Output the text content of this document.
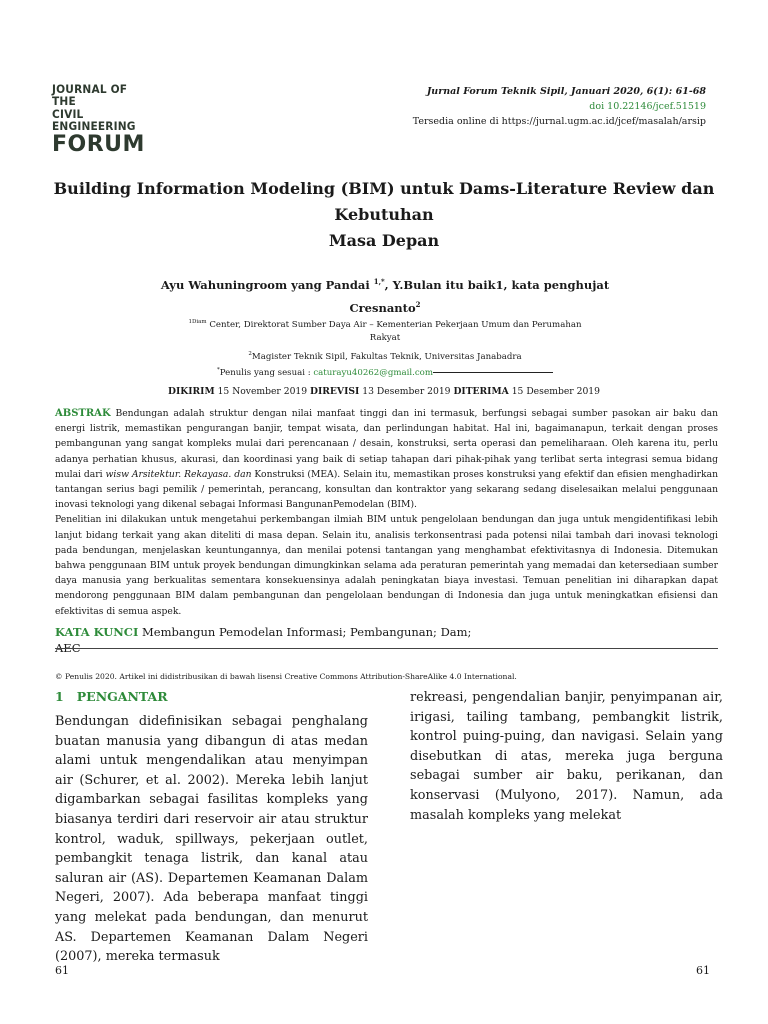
JOURNAL OF THE
CIVIL ENGINEERING
FORUM
Jurnal Forum Teknik Sipil, Januari 2020, 6(1): 61-68
doi 10.22146/jcef.51519
Tersedia online di https://jurnal.ugm.ac.id/jcef/masalah/arsip
Building Information Modeling (BIM) untuk Dams-Literature Review dan
Kebutuhan
Masa Depan
Ayu Wahuningroom yang Pandai $^{1,*}$, Y.Bulan itu baik1, kata penghujat
Cresnanto$^2$
$^{1Diam}$ Center, Direktorat Sumber Daya Air – Kementerian Pekerjaan Umum dan Perumahan
Rakyat
$^2$Magister Teknik Sipil, Fakultas Teknik, Universitas Janabadra
*Penulis yang sesuai : caturayu40262@gmail.com
DIKIRIM 15 November 2019 DIREVISI 13 Desember 2019 DITERIMA 15 Desember 2019

ABSTRAK Bendungan adalah struktur dengan nilai manfaat tinggi dan ini termasuk, berfungsi sebagai sumber pasokan air baku dan energi listrik, memastikan pengurangan banjir, tempat wisata, dan perlindungan habitat. Hal ini, bagaimanapun, terkait dengan proses pembangunan yang sangat kompleks mulai dari perencanaan / desain, konstruksi, serta operasi dan pemeliharaan. Oleh karena itu, perlu adanya perhatian khusus, akurasi, dan koordinasi yang baik di setiap tahapan dari pihak-pihak yang terlibat serta integrasi semua bidang mulai dari wisw Arsitektur. Rekayasa. dan Konstruksi (MEA). Selain itu, memastikan proses konstruksi yang efektif dan efisien menghadirkan tantangan serius bagi pemilik / pemerintah, perancang, konsultan dan kontraktor yang sekarang sedang diselesaikan melalui penggunaan inovasi teknologi yang dikenal sebagai Informasi BangunanPemodelan (BIM).

Penelitian ini dilakukan untuk mengetahui perkembangan ilmiah BIM untuk pengelolaan bendungan dan juga untuk mengidentifikasi lebih lanjut bidang terkait yang akan diteliti di masa depan. Selain itu, analisis terkonsentrasi pada potensi nilai tambah dari inovasi teknologi pada bendungan, menjelaskan keuntungannya, dan menilai potensi tantangan yang menghambat efektivitasnya di Indonesia. Ditemukan bahwa penggunaan BIM untuk proyek bendungan dimungkinkan selama ada peraturan pemerintah yang memadai dan ketersediaan sumber daya manusia yang berkualitas sementara konsekuensinya adalah peningkatan biaya investasi. Temuan penelitian ini diharapkan dapat mendorong penggunaan BIM dalam pembangunan dan pengelolaan bendungan di Indonesia dan juga untuk meningkatkan efisiensi dan efektivitas di semua aspek.

KATA KUNCI Membangun Pemodelan Informasi; Pembangunan; Dam;
AEC
© Penulis 2020. Artikel ini didistribusikan di bawah lisensi Creative Commons Attribution-ShareAlike 4.0 International.
1 PENGANTAR
Bendungan didefinisikan sebagai penghalang buatan manusia yang dibangun di atas medan alami untuk mengendalikan atau menyimpan air (Schurer, et al. 2002). Mereka lebih lanjut digambarkan sebagai fasilitas kompleks yang biasanya terdiri dari reservoir air atau struktur kontrol, waduk, spillways, pekerjaan outlet, pembangkit tenaga listrik, dan kanal atau saluran air (AS). Departemen Keamanan Dalam Negeri, 2007). Ada beberapa manfaat tinggi yang melekat pada bendungan, dan menurut AS. Departemen Keamanan Dalam Negeri (2007), mereka termasuk
rekreasi, pengendalian banjir, penyimpanan air, irigasi, tailing tambang, pembangkit listrik, kontrol puing-puing, dan navigasi. Selain yang disebutkan di atas, mereka juga berguna sebagai sumber air baku, perikanan, dan konservasi (Mulyono, 2017). Namun, ada masalah kompleks yang melekat
61	61
